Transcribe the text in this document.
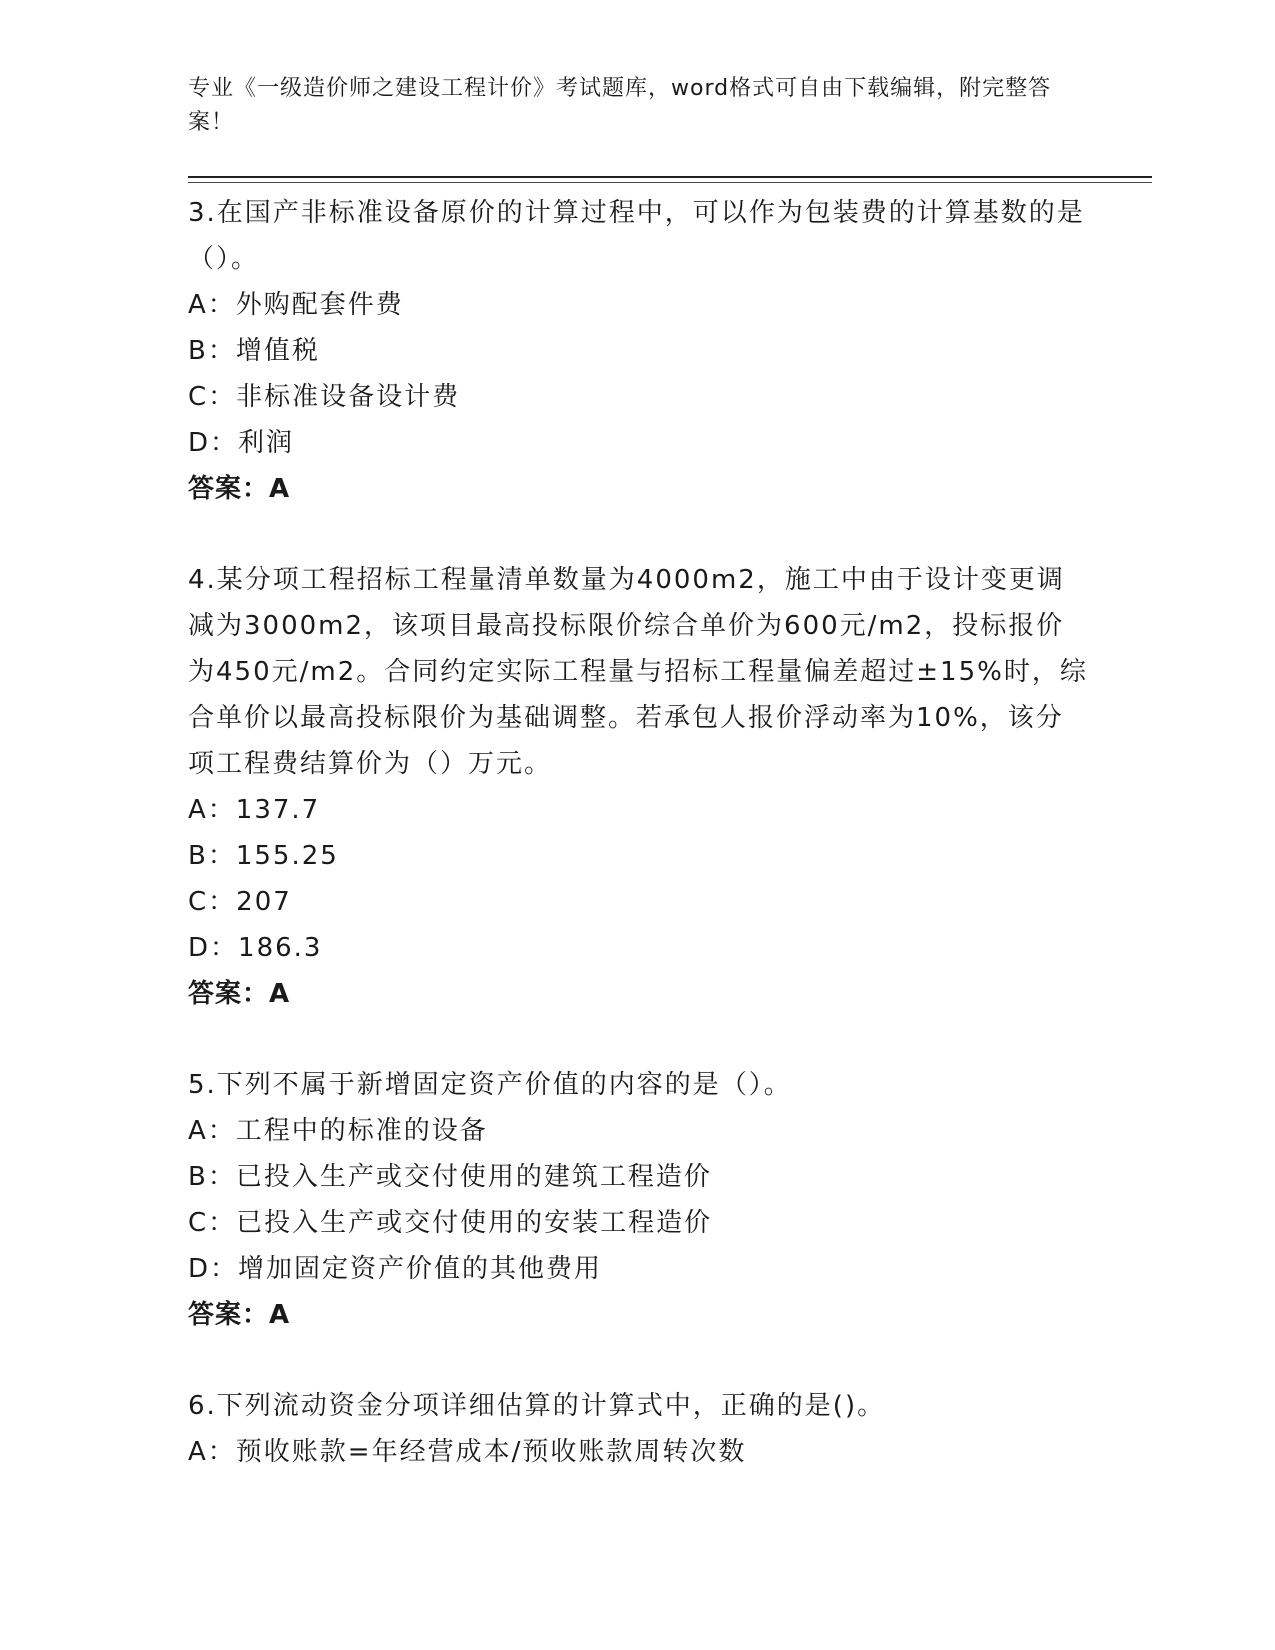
专业《一级造价师之建设工程计价》考试题库，word格式可自由下载编辑，附完整答案！
3.在国产非标准设备原价的计算过程中，可以作为包装费的计算基数的是（）。
A：外购配套件费
B：增值税
C：非标准设备设计费
D：利润
答案：A
4.某分项工程招标工程量清单数量为4000m2，施工中由于设计变更调减为3000m2，该项目最高投标限价综合单价为600元/m2，投标报价为450元/m2。合同约定实际工程量与招标工程量偏差超过±15%时，综合单价以最高投标限价为基础调整。若承包人报价浮动率为10%，该分项工程费结算价为（）万元。
A：137.7
B：155.25
C：207
D：186.3
答案：A
5.下列不属于新增固定资产价值的内容的是（）。
A：工程中的标准的设备
B：已投入生产或交付使用的建筑工程造价
C：已投入生产或交付使用的安装工程造价
D：增加固定资产价值的其他费用
答案：A
6.下列流动资金分项详细估算的计算式中，正确的是()。
A：预收账款=年经营成本/预收账款周转次数
